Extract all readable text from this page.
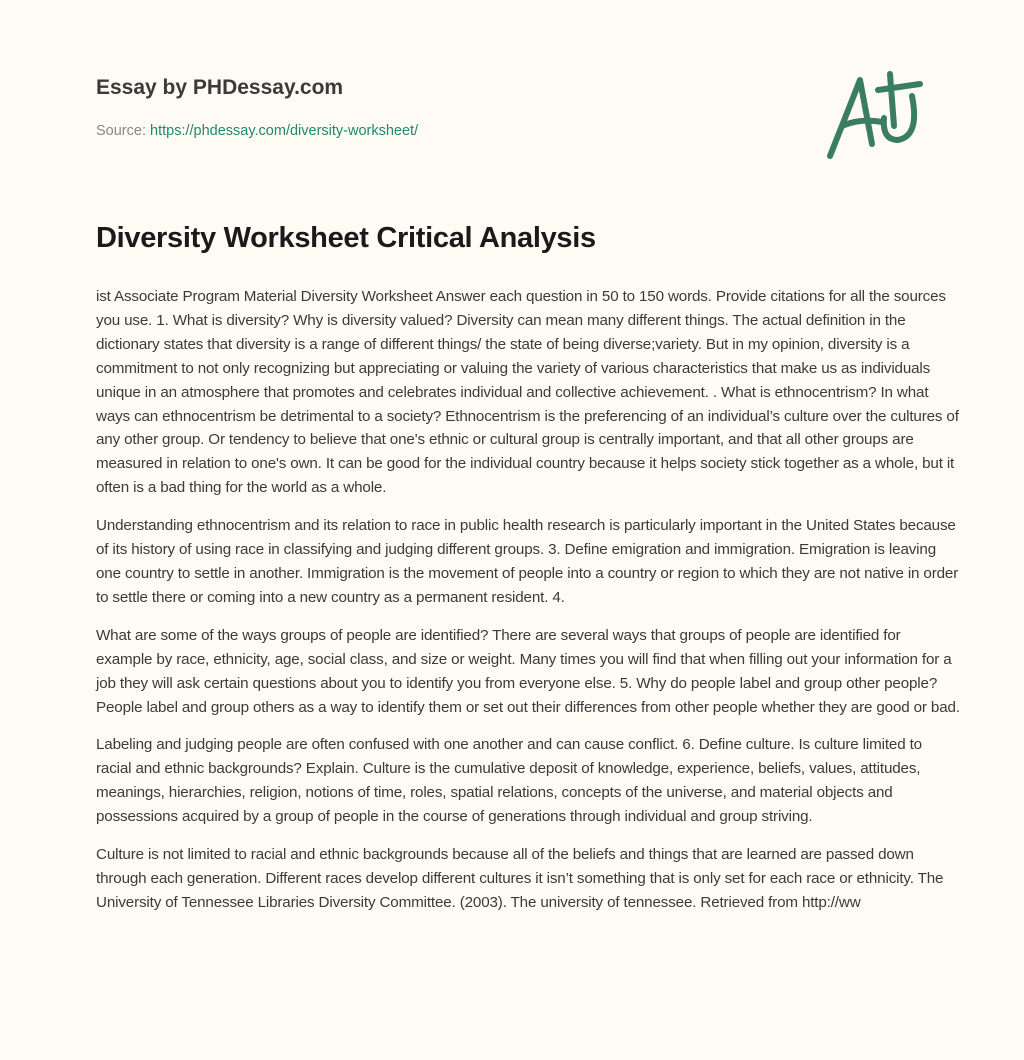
Essay by PHDessay.com
Source: https://phdessay.com/diversity-worksheet/
Diversity Worksheet Critical Analysis

ist Associate Program Material Diversity Worksheet Answer each question in 50 to 150 words. Provide citations for all the sources you use. 1. What is diversity? Why is diversity valued? Diversity can mean many different things. The actual definition in the dictionary states that diversity is a range of different things/ the state of being diverse;variety. But in my opinion, diversity is a commitment to not only recognizing but appreciating or valuing the variety of various characteristics that make us as individuals unique in an atmosphere that promotes and celebrates individual and collective achievement. . What is ethnocentrism? In what ways can ethnocentrism be detrimental to a society? Ethnocentrism is the preferencing of an individual’s culture over the cultures of any other group. Or tendency to believe that one's ethnic or cultural group is centrally important, and that all other groups are measured in relation to one's own. It can be good for the individual country because it helps society stick together as a whole, but it often is a bad thing for the world as a whole.

Understanding ethnocentrism and its relation to race in public health research is particularly important in the United States because of its history of using race in classifying and judging different groups. 3. Define emigration and immigration. Emigration is leaving one country to settle in another. Immigration is the movement of people into a country or region to which they are not native in order to settle there or coming into a new country as a permanent resident. 4.

What are some of the ways groups of people are identified? There are several ways that groups of people are identified for example by race, ethnicity, age, social class, and size or weight. Many times you will find that when filling out your information for a job they will ask certain questions about you to identify you from everyone else. 5. Why do people label and group other people? People label and group others as a way to identify them or set out their differences from other people whether they are good or bad.

Labeling and judging people are often confused with one another and can cause conflict. 6. Define culture. Is culture limited to racial and ethnic backgrounds? Explain. Culture is the cumulative deposit of knowledge, experience, beliefs, values, attitudes, meanings, hierarchies, religion, notions of time, roles, spatial relations, concepts of the universe, and material objects and possessions acquired by a group of people in the course of generations through individual and group striving.

Culture is not limited to racial and ethnic backgrounds because all of the beliefs and things that are learned are passed down through each generation. Different races develop different cultures it isn’t something that is only set for each race or ethnicity. The University of Tennessee Libraries Diversity Committee. (2003). The university of tennessee. Retrieved from http://ww
